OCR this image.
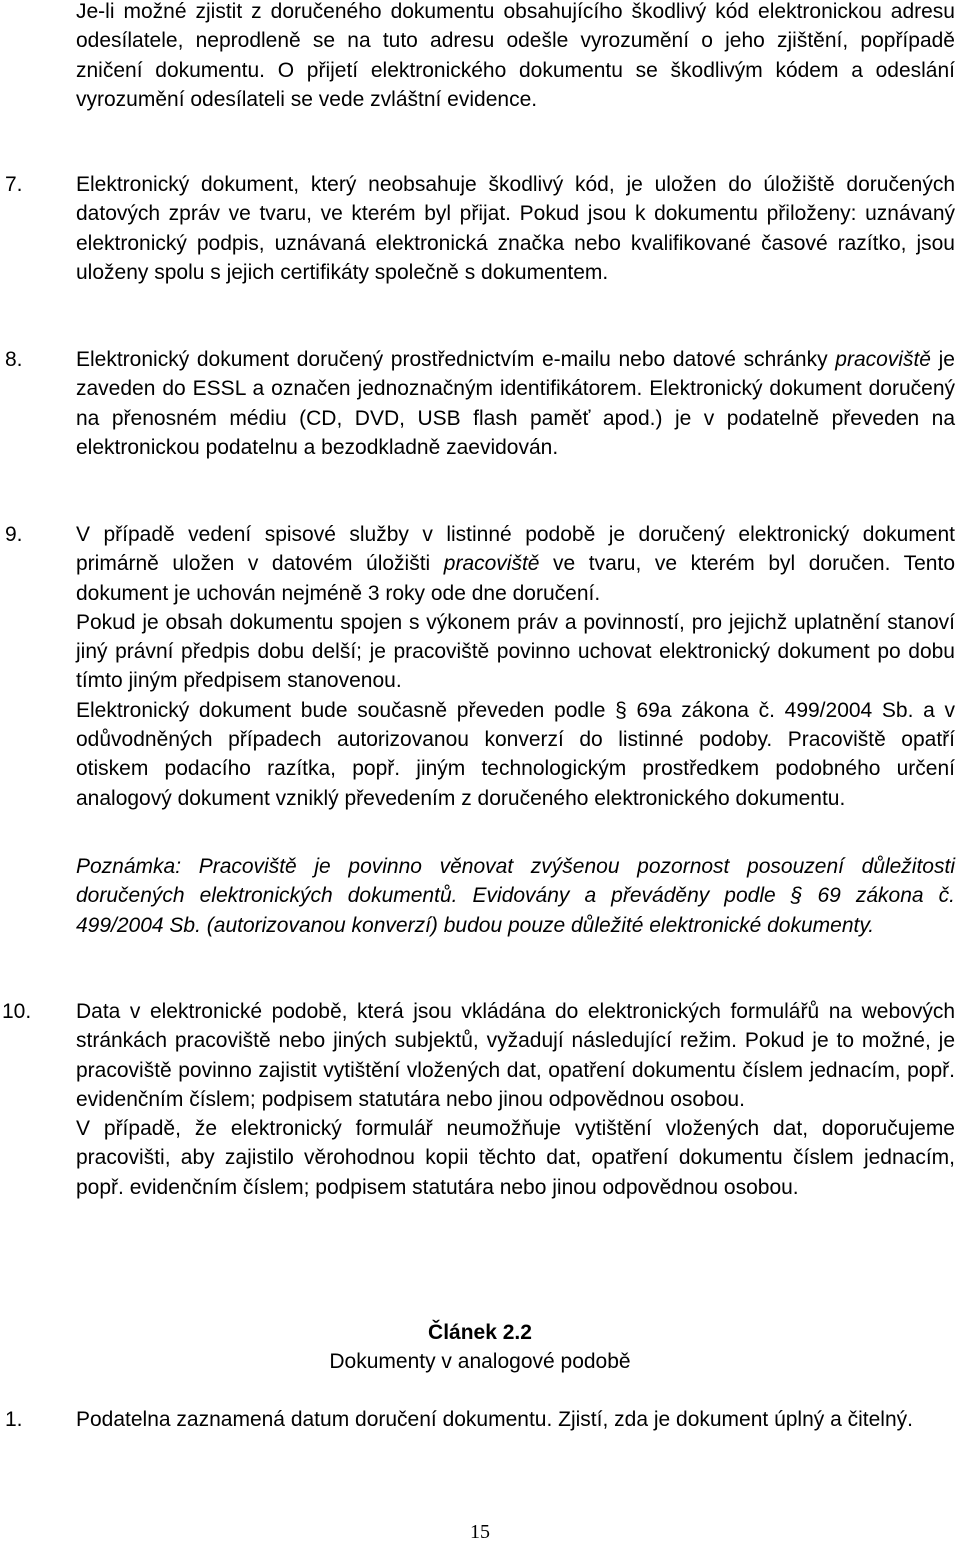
Je-li možné zjistit z doručeného dokumentu obsahujícího škodlivý kód elektronickou adresu odesílatele, neprodleně se na tuto adresu odešle vyrozumění o jeho zjištění, popřípadě zničení dokumentu. O přijetí elektronického dokumentu se škodlivým kódem a odeslání vyrozumění odesílateli se vede zvláštní evidence.

7.	Elektronický dokument, který neobsahuje škodlivý kód, je uložen do úložiště doručených datových zpráv ve tvaru, ve kterém byl přijat. Pokud jsou k dokumentu přiloženy: uznávaný elektronický podpis, uznávaná elektronická značka nebo kvalifikované časové razítko, jsou uloženy spolu s jejich certifikáty společně s dokumentem.

8.	Elektronický dokument doručený prostřednictvím e-mailu nebo datové schránky pracoviště je zaveden do ESSL a označen jednoznačným identifikátorem. Elektronický dokument doručený na přenosném médiu (CD, DVD, USB flash paměť apod.) je v podatelně převeden na elektronickou podatelnu a bezodkladně zaevidován.

9.	V případě vedení spisové služby v listinné podobě je doručený elektronický dokument primárně uložen v datovém úložišti pracoviště ve tvaru, ve kterém byl doručen. Tento dokument je uchován nejméně 3 roky ode dne doručení.
Pokud je obsah dokumentu spojen s výkonem práv a povinností, pro jejichž uplatnění stanoví jiný právní předpis dobu delší; je pracoviště povinno uchovat elektronický dokument po dobu tímto jiným předpisem stanovenou.
Elektronický dokument bude současně převeden podle § 69a zákona č. 499/2004 Sb. a v odůvodněných případech autorizovanou konverzí do listinné podoby. Pracoviště opatří otiskem podacího razítka, popř. jiným technologickým prostředkem podobného určení analogový dokument vzniklý převedením z doručeného elektronického dokumentu.

Poznámka: Pracoviště je povinno věnovat zvýšenou pozornost posouzení důležitosti doručených elektronických dokumentů. Evidovány a převáděny podle § 69 zákona č. 499/2004 Sb. (autorizovanou konverzí) budou pouze důležité elektronické dokumenty.

10. Data v elektronické podobě, která jsou vkládána do elektronických formulářů na webových stránkách pracoviště nebo jiných subjektů, vyžadují následující režim. Pokud je to možné, je pracoviště povinno zajistit vytištění vložených dat, opatření dokumentu číslem jednacím, popř. evidenčním číslem; podpisem statutára nebo jinou odpovědnou osobou.
V případě, že elektronický formulář neumožňuje vytištění vložených dat, doporučujeme pracovišti, aby zajistilo věrohodnou kopii těchto dat, opatření dokumentu číslem jednacím, popř. evidenčním číslem; podpisem statutára nebo jinou odpovědnou osobou.

Článek 2.2

Dokumenty v analogové podobě

1.	Podatelna zaznamená datum doručení dokumentu. Zjistí, zda je dokument úplný a čitelný.

15
